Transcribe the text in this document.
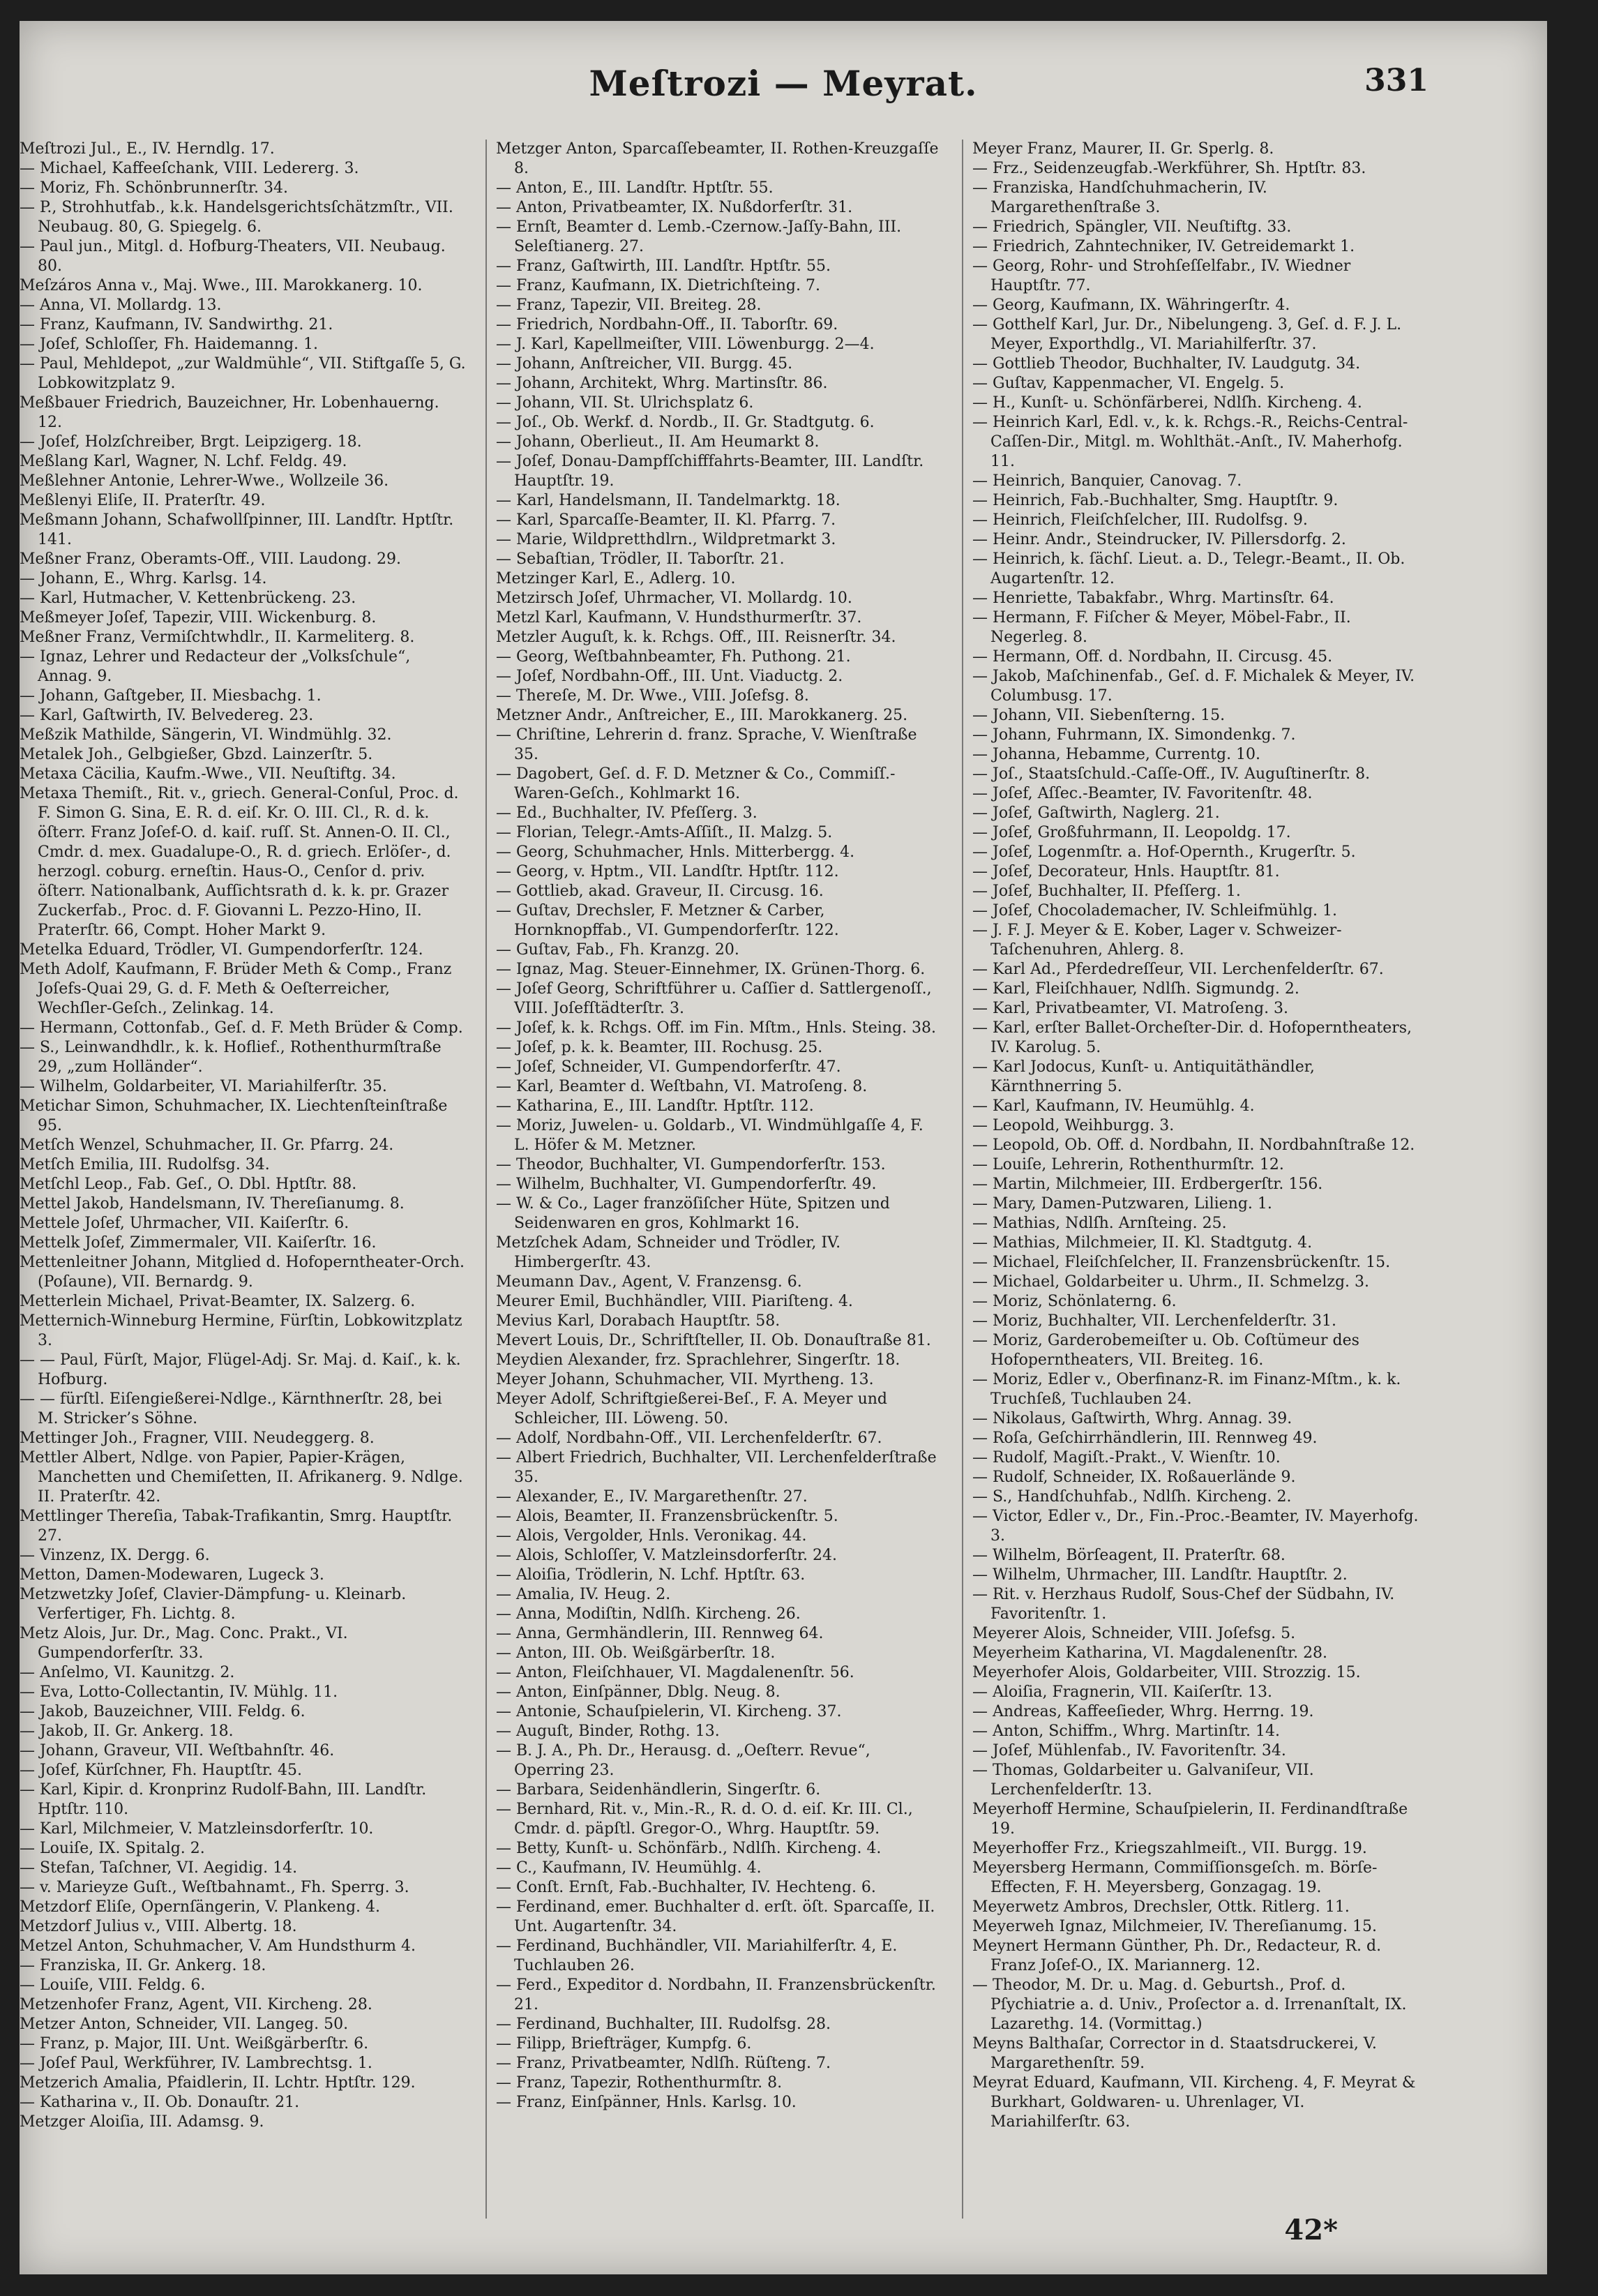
Meſtrozi — Meyrat.	331

Meſtrozi Jul., E., IV. Herndlg. 17.

— Michael, Kaffeeſchank, VIII. Ledererg. 3.

— Moriz, Fh. Schönbrunnerſtr. 34.

— P., Strohhutfab., k.k. Handelsgerichtsſchätzmſtr., VII. Neubaug. 80, G. Spiegelg. 6.

— Paul jun., Mitgl. d. Hofburg-Theaters, VII. Neubaug. 80.

Meſzáros Anna v., Maj. Wwe., III. Marokkanerg. 10.

— Anna, VI. Mollardg. 13.

— Franz, Kaufmann, IV. Sandwirthg. 21.

— Joſef, Schloſſer, Fh. Haidemanng. 1.

— Paul, Mehldepot, „zur Waldmühle“, VII. Stiftgaſſe 5, G. Lobkowitzplatz 9.

Meßbauer Friedrich, Bauzeichner, Hr. Lobenhauerng. 12.

— Joſef, Holzſchreiber, Brgt. Leipzigerg. 18.

Meßlang Karl, Wagner, N. Lchf. Feldg. 49.

Meßlehner Antonie, Lehrer-Wwe., Wollzeile 36.

Meßlenyi Eliſe, II. Praterſtr. 49.

Meßmann Johann, Schafwollſpinner, III. Landſtr. Hptſtr. 141.

Meßner Franz, Oberamts-Off., VIII. Laudong. 29.

— Johann, E., Whrg. Karlsg. 14.

— Karl, Hutmacher, V. Kettenbrückeng. 23.

Meßmeyer Joſef, Tapezir, VIII. Wickenburg. 8.

Meßner Franz, Vermiſchtwhdlr., II. Karmeliterg. 8.

— Ignaz, Lehrer und Redacteur der „Volksſchule“, Annag. 9.

— Johann, Gaſtgeber, II. Miesbachg. 1.

— Karl, Gaſtwirth, IV. Belvedereg. 23.

Meßzik Mathilde, Sängerin, VI. Windmühlg. 32.

Metalek Joh., Gelbgießer, Gbzd. Lainzerſtr. 5.

Metaxa Cäcilia, Kaufm.-Wwe., VII. Neuſtiftg. 34.

Metaxa Themiſt., Rit. v., griech. General-Conſul, Proc. d. F. Simon G. Sina, E. R. d. eiſ. Kr. O. III. Cl., R. d. k. öſterr. Franz Joſef-O. d. kaiſ. ruſſ. St. Annen-O. II. Cl., Cmdr. d. mex. Guadalupe-O., R. d. griech. Erlöſer-, d. herzogl. coburg. erneſtin. Haus-O., Cenſor d. priv. öſterr. Nationalbank, Aufſichtsrath d. k. k. pr. Grazer Zuckerfab., Proc. d. F. Giovanni L. Pezzo-Hino, II. Praterſtr. 66, Compt. Hoher Markt 9.

Metelka Eduard, Trödler, VI. Gumpendorferſtr. 124.

Meth Adolf, Kaufmann, F. Brüder Meth & Comp., Franz Joſefs-Quai 29, G. d. F. Meth & Oeſterreicher, Wechſler-Geſch., Zelinkag. 14.

— Hermann, Cottonfab., Geſ. d. F. Meth Brüder & Comp.

— S., Leinwandhdlr., k. k. Hoflief., Rothenthurmſtraße 29, „zum Holländer“.

— Wilhelm, Goldarbeiter, VI. Mariahilferſtr. 35.

Metichar Simon, Schuhmacher, IX. Liechtenſteinſtraße 95.

Metſch Wenzel, Schuhmacher, II. Gr. Pfarrg. 24.

Metſch Emilia, III. Rudolfsg. 34.

Metſchl Leop., Fab. Geſ., O. Dbl. Hptſtr. 88.

Mettel Jakob, Handelsmann, IV. Thereſianumg. 8.

Mettele Joſef, Uhrmacher, VII. Kaiſerſtr. 6.

Mettelk Joſef, Zimmermaler, VII. Kaiſerſtr. 16.

Mettenleitner Johann, Mitglied d. Hofoperntheater-Orch. (Poſaune), VII. Bernardg. 9.

Metterlein Michael, Privat-Beamter, IX. Salzerg. 6.

Metternich-Winneburg Hermine, Fürſtin, Lobkowitzplatz 3.

— — Paul, Fürſt, Major, Flügel-Adj. Sr. Maj. d. Kaiſ., k. k. Hofburg.

— — fürſtl. Eiſengießerei-Ndlge., Kärnthnerſtr. 28, bei M. Stricker’s Söhne.

Mettinger Joh., Fragner, VIII. Neudeggerg. 8.

Mettler Albert, Ndlge. von Papier, Papier-Krägen, Manchetten und Chemiſetten, II. Afrikanerg. 9. Ndlge. II. Praterſtr. 42.

Mettlinger Thereſia, Tabak-Trafikantin, Smrg. Hauptſtr. 27.

— Vinzenz, IX. Dergg. 6.

Metton, Damen-Modewaren, Lugeck 3.

Metzwetzky Joſef, Clavier-Dämpfung- u. Kleinarb. Verfertiger, Fh. Lichtg. 8.

Metz Alois, Jur. Dr., Mag. Conc. Prakt., VI. Gumpendorferſtr. 33.

— Anſelmo, VI. Kaunitzg. 2.

— Eva, Lotto-Collectantin, IV. Mühlg. 11.

— Jakob, Bauzeichner, VIII. Feldg. 6.

— Jakob, II. Gr. Ankerg. 18.

— Johann, Graveur, VII. Weſtbahnſtr. 46.

— Joſef, Kürſchner, Fh. Hauptſtr. 45.

— Karl, Kipir. d. Kronprinz Rudolf-Bahn, III. Landſtr. Hptſtr. 110.

— Karl, Milchmeier, V. Matzleinsdorferſtr. 10.

— Louiſe, IX. Spitalg. 2.

— Stefan, Taſchner, VI. Aegidig. 14.

— v. Marieyze Guſt., Weſtbahnamt., Fh. Sperrg. 3.

Metzdorf Eliſe, Opernſängerin, V. Plankeng. 4.

Metzdorf Julius v., VIII. Albertg. 18.

Metzel Anton, Schuhmacher, V. Am Hundsthurm 4.

— Franziska, II. Gr. Ankerg. 18.

— Louiſe, VIII. Feldg. 6.

Metzenhofer Franz, Agent, VII. Kircheng. 28.

Metzer Anton, Schneider, VII. Langeg. 50.

— Franz, p. Major, III. Unt. Weißgärberſtr. 6.

— Joſef Paul, Werkführer, IV. Lambrechtsg. 1.

Metzerich Amalia, Pfaidlerin, II. Lchtr. Hptſtr. 129.

— Katharina v., II. Ob. Donauſtr. 21.

Metzger Aloiſia, III. Adamsg. 9.

Metzger Anton, Sparcaſſebeamter, II. Rothen-Kreuzgaſſe 8.

— Anton, E., III. Landſtr. Hptſtr. 55.

— Anton, Privatbeamter, IX. Nußdorferſtr. 31.

— Ernſt, Beamter d. Lemb.-Czernow.-Jaſſy-Bahn, III. Seleſtianerg. 27.

— Franz, Gaſtwirth, III. Landſtr. Hptſtr. 55.

— Franz, Kaufmann, IX. Dietrichſteing. 7.

— Franz, Tapezir, VII. Breiteg. 28.

— Friedrich, Nordbahn-Off., II. Taborſtr. 69.

— J. Karl, Kapellmeiſter, VIII. Löwenburgg. 2—4.

— Johann, Anſtreicher, VII. Burgg. 45.

— Johann, Architekt, Whrg. Martinsſtr. 86.

— Johann, VII. St. Ulrichsplatz 6.

— Joſ., Ob. Werkf. d. Nordb., II. Gr. Stadtgutg. 6.

— Johann, Oberlieut., II. Am Heumarkt 8.

— Joſef, Donau-Dampfſchifffahrts-Beamter, III. Landſtr. Hauptſtr. 19.

— Karl, Handelsmann, II. Tandelmarktg. 18.

— Karl, Sparcaſſe-Beamter, II. Kl. Pfarrg. 7.

— Marie, Wildpretthdlrn., Wildpretmarkt 3.

— Sebaſtian, Trödler, II. Taborſtr. 21.

Metzinger Karl, E., Adlerg. 10.

Metzirsch Joſef, Uhrmacher, VI. Mollardg. 10.

Metzl Karl, Kaufmann, V. Hundsthurmerſtr. 37.

Metzler Auguſt, k. k. Rchgs. Off., III. Reisnerſtr. 34.

— Georg, Weſtbahnbeamter, Fh. Puthong. 21.

— Joſef, Nordbahn-Off., III. Unt. Viaductg. 2.

— Thereſe, M. Dr. Wwe., VIII. Joſefsg. 8.

Metzner Andr., Anſtreicher, E., III. Marokkanerg. 25.

— Chriſtine, Lehrerin d. franz. Sprache, V. Wienſtraße 35.

— Dagobert, Geſ. d. F. D. Metzner & Co., Commiſſ.-Waren-Geſch., Kohlmarkt 16.

— Ed., Buchhalter, IV. Pfeſſerg. 3.

— Florian, Telegr.-Amts-Aſſiſt., II. Malzg. 5.

— Georg, Schuhmacher, Hnls. Mitterbergg. 4.

— Georg, v. Hptm., VII. Landſtr. Hptſtr. 112.

— Gottlieb, akad. Graveur, II. Circusg. 16.

— Guſtav, Drechsler, F. Metzner & Carber, Hornknopffab., VI. Gumpendorferſtr. 122.

— Guſtav, Fab., Fh. Kranzg. 20.

— Ignaz, Mag. Steuer-Einnehmer, IX. Grünen-Thorg. 6.

— Joſef Georg, Schriftführer u. Caſſier d. Sattlergenoſſ., VIII. Joſefſtädterſtr. 3.

— Joſef, k. k. Rchgs. Off. im Fin. Mſtm., Hnls. Steing. 38.

— Joſef, p. k. k. Beamter, III. Rochusg. 25.

— Joſef, Schneider, VI. Gumpendorferſtr. 47.

— Karl, Beamter d. Weſtbahn, VI. Matroſeng. 8.

— Katharina, E., III. Landſtr. Hptſtr. 112.

— Moriz, Juwelen- u. Goldarb., VI. Windmühlgaſſe 4, F. L. Höfer & M. Metzner.

— Theodor, Buchhalter, VI. Gumpendorferſtr. 153.

— Wilhelm, Buchhalter, VI. Gumpendorferſtr. 49.

— W. & Co., Lager franzöſiſcher Hüte, Spitzen und Seidenwaren en gros, Kohlmarkt 16.

Metzſchek Adam, Schneider und Trödler, IV. Himbergerſtr. 43.

Meumann Dav., Agent, V. Franzensg. 6.

Meurer Emil, Buchhändler, VIII. Piariſteng. 4.

Mevius Karl, Dorabach Hauptſtr. 58.

Mevert Louis, Dr., Schriftſteller, II. Ob. Donauſtraße 81.

Meydien Alexander, frz. Sprachlehrer, Singerſtr. 18.

Meyer Johann, Schuhmacher, VII. Myrtheng. 13.

Meyer Adolf, Schriftgießerei-Beſ., F. A. Meyer und Schleicher, III. Löweng. 50.

— Adolf, Nordbahn-Off., VII. Lerchenfelderſtr. 67.

— Albert Friedrich, Buchhalter, VII. Lerchenfelderſtraße 35.

— Alexander, E., IV. Margarethenſtr. 27.

— Alois, Beamter, II. Franzensbrückenſtr. 5.

— Alois, Vergolder, Hnls. Veronikag. 44.

— Alois, Schloſſer, V. Matzleinsdorferſtr. 24.

— Aloiſia, Trödlerin, N. Lchf. Hptſtr. 63.

— Amalia, IV. Heug. 2.

— Anna, Modiſtin, Ndlſh. Kircheng. 26.

— Anna, Germhändlerin, III. Rennweg 64.

— Anton, III. Ob. Weißgärberſtr. 18.

— Anton, Fleiſchhauer, VI. Magdalenenſtr. 56.

— Anton, Einſpänner, Dblg. Neug. 8.

— Antonie, Schauſpielerin, VI. Kircheng. 37.

— Auguſt, Binder, Rothg. 13.

— B. J. A., Ph. Dr., Herausg. d. „Oeſterr. Revue“, Operring 23.

— Barbara, Seidenhändlerin, Singerſtr. 6.

— Bernhard, Rit. v., Min.-R., R. d. O. d. eiſ. Kr. III. Cl., Cmdr. d. päpſtl. Gregor-O., Whrg. Hauptſtr. 59.

— Betty, Kunſt- u. Schönfärb., Ndlſh. Kircheng. 4.

— C., Kaufmann, IV. Heumühlg. 4.

— Conſt. Ernſt, Fab.-Buchhalter, IV. Hechteng. 6.

— Ferdinand, emer. Buchhalter d. erſt. öſt. Sparcaſſe, II. Unt. Augartenſtr. 34.

— Ferdinand, Buchhändler, VII. Mariahilferſtr. 4, E. Tuchlauben 26.

— Ferd., Expeditor d. Nordbahn, II. Franzensbrückenſtr. 21.

— Ferdinand, Buchhalter, III. Rudolfsg. 28.

— Filipp, Briefträger, Kumpfg. 6.

— Franz, Privatbeamter, Ndlſh. Rüſteng. 7.

— Franz, Tapezir, Rothenthurmſtr. 8.

— Franz, Einſpänner, Hnls. Karlsg. 10.

Meyer Franz, Maurer, II. Gr. Sperlg. 8.

— Frz., Seidenzeugfab.-Werkführer, Sh. Hptſtr. 83.

— Franziska, Handſchuhmacherin, IV. Margarethenſtraße 3.

— Friedrich, Spängler, VII. Neuſtiftg. 33.

— Friedrich, Zahntechniker, IV. Getreidemarkt 1.

— Georg, Rohr- und Strohſeſſelfabr., IV. Wiedner Hauptſtr. 77.

— Georg, Kaufmann, IX. Währingerſtr. 4.

— Gotthelf Karl, Jur. Dr., Nibelungeng. 3, Geſ. d. F. J. L. Meyer, Exporthdlg., VI. Mariahilferſtr. 37.

— Gottlieb Theodor, Buchhalter, IV. Laudgutg. 34.

— Guſtav, Kappenmacher, VI. Engelg. 5.

— H., Kunſt- u. Schönfärberei, Ndlſh. Kircheng. 4.

— Heinrich Karl, Edl. v., k. k. Rchgs.-R., Reichs-Central-Caſſen-Dir., Mitgl. m. Wohlthät.-Anſt., IV. Maherhofg. 11.

— Heinrich, Banquier, Canovag. 7.

— Heinrich, Fab.-Buchhalter, Smg. Hauptſtr. 9.

— Heinrich, Fleiſchſelcher, III. Rudolfsg. 9.

— Heinr. Andr., Steindrucker, IV. Pillersdorfg. 2.

— Heinrich, k. ſächſ. Lieut. a. D., Telegr.-Beamt., II. Ob. Augartenſtr. 12.

— Henriette, Tabakfabr., Whrg. Martinsſtr. 64.

— Hermann, F. Fiſcher & Meyer, Möbel-Fabr., II. Negerleg. 8.

— Hermann, Off. d. Nordbahn, II. Circusg. 45.

— Jakob, Maſchinenfab., Geſ. d. F. Michalek & Meyer, IV. Columbusg. 17.

— Johann, VII. Siebenſterng. 15.

— Johann, Fuhrmann, IX. Simondenkg. 7.

— Johanna, Hebamme, Currentg. 10.

— Joſ., Staatsſchuld.-Caſſe-Off., IV. Auguſtinerſtr. 8.

— Joſef, Aſſec.-Beamter, IV. Favoritenſtr. 48.

— Joſef, Gaſtwirth, Naglerg. 21.

— Joſef, Großfuhrmann, II. Leopoldg. 17.

— Joſef, Logenmſtr. a. Hof-Opernth., Krugerſtr. 5.

— Joſef, Decorateur, Hnls. Hauptſtr. 81.

— Joſef, Buchhalter, II. Pfeſſerg. 1.

— Joſef, Chocolademacher, IV. Schleifmühlg. 1.

— J. F. J. Meyer & E. Kober, Lager v. Schweizer-Taſchenuhren, Ahlerg. 8.

— Karl Ad., Pferdedreſſeur, VII. Lerchenfelderſtr. 67.

— Karl, Fleiſchhauer, Ndlſh. Sigmundg. 2.

— Karl, Privatbeamter, VI. Matroſeng. 3.

— Karl, erſter Ballet-Orcheſter-Dir. d. Hofoperntheaters, IV. Karolug. 5.

— Karl Jodocus, Kunſt- u. Antiquitäthändler, Kärnthnerring 5.

— Karl, Kaufmann, IV. Heumühlg. 4.

— Leopold, Weihburgg. 3.

— Leopold, Ob. Off. d. Nordbahn, II. Nordbahnſtraße 12.

— Louiſe, Lehrerin, Rothenthurmſtr. 12.

— Martin, Milchmeier, III. Erdbergerſtr. 156.

— Mary, Damen-Putzwaren, Liliеng. 1.

— Mathias, Ndlſh. Arnſteing. 25.

— Mathias, Milchmeier, II. Kl. Stadtgutg. 4.

— Michael, Fleiſchſelcher, II. Franzensbrückenſtr. 15.

— Michael, Goldarbeiter u. Uhrm., II. Schmelzg. 3.

— Moriz, Schönlaterng. 6.

— Moriz, Buchhalter, VII. Lerchenfelderſtr. 31.

— Moriz, Garderobemeiſter u. Ob. Coſtümeur des Hofoperntheaters, VII. Breiteg. 16.

— Moriz, Edler v., Oberfinanz-R. im Finanz-Mſtm., k. k. Truchſeß, Tuchlauben 24.

— Nikolaus, Gaſtwirth, Whrg. Annag. 39.

— Roſa, Geſchirrhändlerin, III. Rennweg 49.

— Rudolf, Magiſt.-Prakt., V. Wienſtr. 10.

— Rudolf, Schneider, IX. Roßauerlände 9.

— S., Handſchuhfab., Ndlſh. Kircheng. 2.

— Victor, Edler v., Dr., Fin.-Proc.-Beamter, IV. Mayerhofg. 3.

— Wilhelm, Börſeagent, II. Praterſtr. 68.

— Wilhelm, Uhrmacher, III. Landſtr. Hauptſtr. 2.

— Rit. v. Herzhaus Rudolf, Sous-Chef der Südbahn, IV. Favoritenſtr. 1.

Meyerer Alois, Schneider, VIII. Joſefsg. 5.

Meyerheim Katharina, VI. Magdalenenſtr. 28.

Meyerhofer Alois, Goldarbeiter, VIII. Strozzig. 15.

— Aloiſia, Fragnerin, VII. Kaiſerſtr. 13.

— Andreas, Kaffeeſieder, Whrg. Herrng. 19.

— Anton, Schiffm., Whrg. Martinſtr. 14.

— Joſef, Mühlenfab., IV. Favoritenſtr. 34.

— Thomas, Goldarbeiter u. Galvaniſeur, VII. Lerchenfelderſtr. 13.

Meyerhoff Hermine, Schauſpielerin, II. Ferdinandſtraße 19.

Meyerhoffer Frz., Kriegszahlmeiſt., VII. Burgg. 19.

Meyersberg Hermann, Commiſſionsgeſch. m. Börſe-Effecten, F. H. Meyersberg, Gonzagag. 19.

Meyerwetz Ambros, Drechsler, Ottk. Ritlerg. 11.

Meyerweh Ignaz, Milchmeier, IV. Thereſianumg. 15.

Meynert Hermann Günther, Ph. Dr., Redacteur, R. d. Franz Joſef-O., IX. Mariannerg. 12.

— Theodor, M. Dr. u. Mag. d. Geburtsh., Prof. d. Pſychiatrie a. d. Univ., Proſector a. d. Irrenanſtalt, IX. Lazarethg. 14. (Vormittag.)

Meyns Balthaſar, Corrector in d. Staatsdruckerei, V. Margarethenſtr. 59.

Meyrat Eduard, Kaufmann, VII. Kircheng. 4, F. Meyrat & Burkhart, Goldwaren- u. Uhrenlager, VI. Mariahilferſtr. 63.

42*
